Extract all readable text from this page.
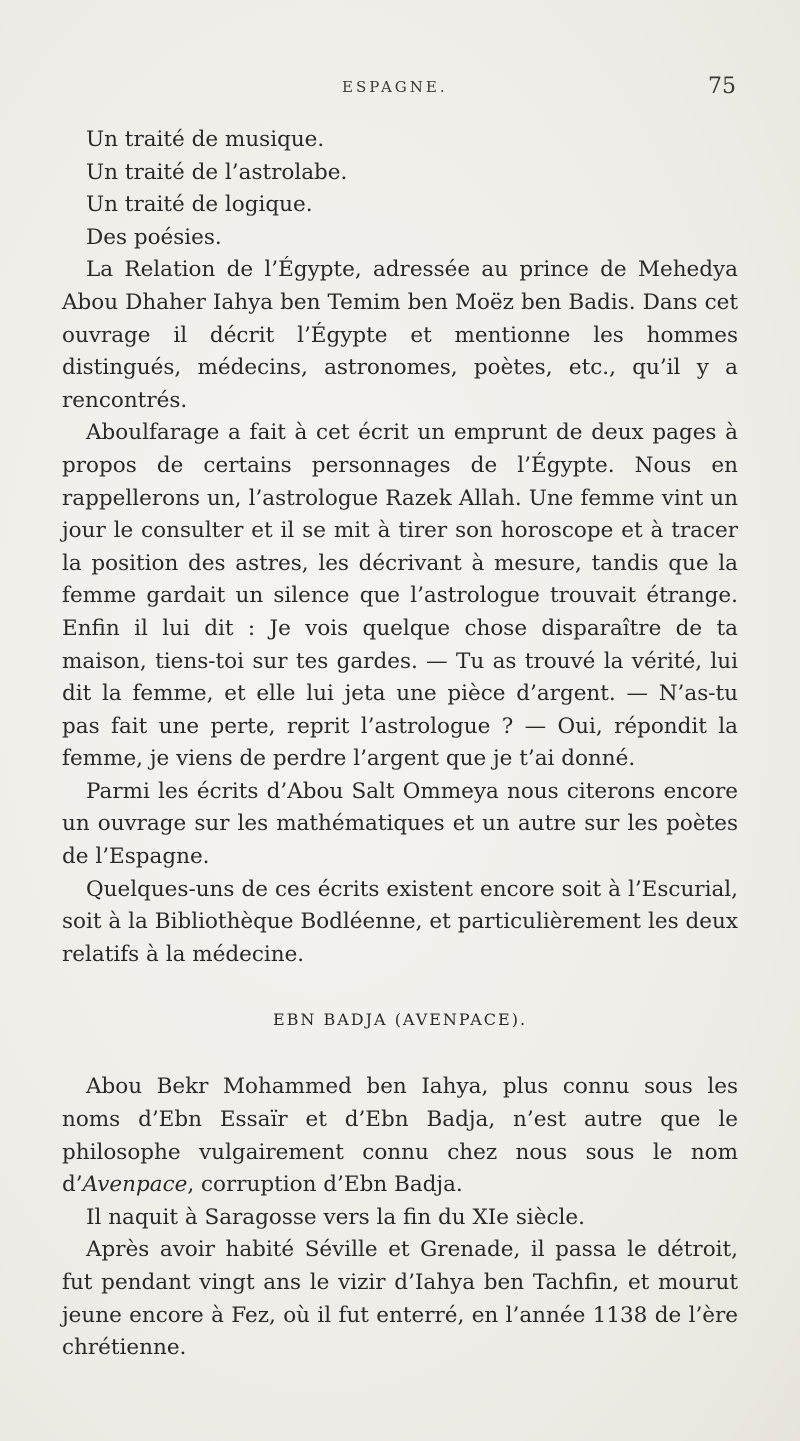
ESPAGNE.	75

Un traité de musique.

Un traité de l’astrolabe.

Un traité de logique.

Des poésies.

La Relation de l’Égypte, adressée au prince de Mehedya Abou Dhaher Iahya ben Temim ben Moëz ben Badis. Dans cet ouvrage il décrit l’Égypte et mentionne les hommes distingués, médecins, astronomes, poètes, etc., qu’il y a rencontrés.

Aboulfarage a fait à cet écrit un emprunt de deux pages à propos de certains personnages de l’Égypte. Nous en rappellerons un, l’astrologue Razek Allah. Une femme vint un jour le consulter et il se mit à tirer son horoscope et à tracer la position des astres, les décrivant à mesure, tandis que la femme gardait un silence que l’astrologue trouvait étrange. Enfin il lui dit : Je vois quelque chose disparaître de ta maison, tiens-toi sur tes gardes. — Tu as trouvé la vérité, lui dit la femme, et elle lui jeta une pièce d’argent. — N’as-tu pas fait une perte, reprit l’astrologue ? — Oui, répondit la femme, je viens de perdre l’argent que je t’ai donné.

Parmi les écrits d’Abou Salt Ommeya nous citerons encore un ouvrage sur les mathématiques et un autre sur les poètes de l’Espagne.

Quelques-uns de ces écrits existent encore soit à l’Escurial, soit à la Bibliothèque Bodléenne, et particulièrement les deux relatifs à la médecine.

EBN BADJA (AVENPACE).

Abou Bekr Mohammed ben Iahya, plus connu sous les noms d’Ebn Essaïr et d’Ebn Badja, n’est autre que le philosophe vulgairement connu chez nous sous le nom d’Avenpace, corruption d’Ebn Badja.

Il naquit à Saragosse vers la fin du XIe siècle.

Après avoir habité Séville et Grenade, il passa le détroit, fut pendant vingt ans le vizir d’Iahya ben Tachfin, et mourut jeune encore à Fez, où il fut enterré, en l’année 1138 de l’ère chrétienne.
